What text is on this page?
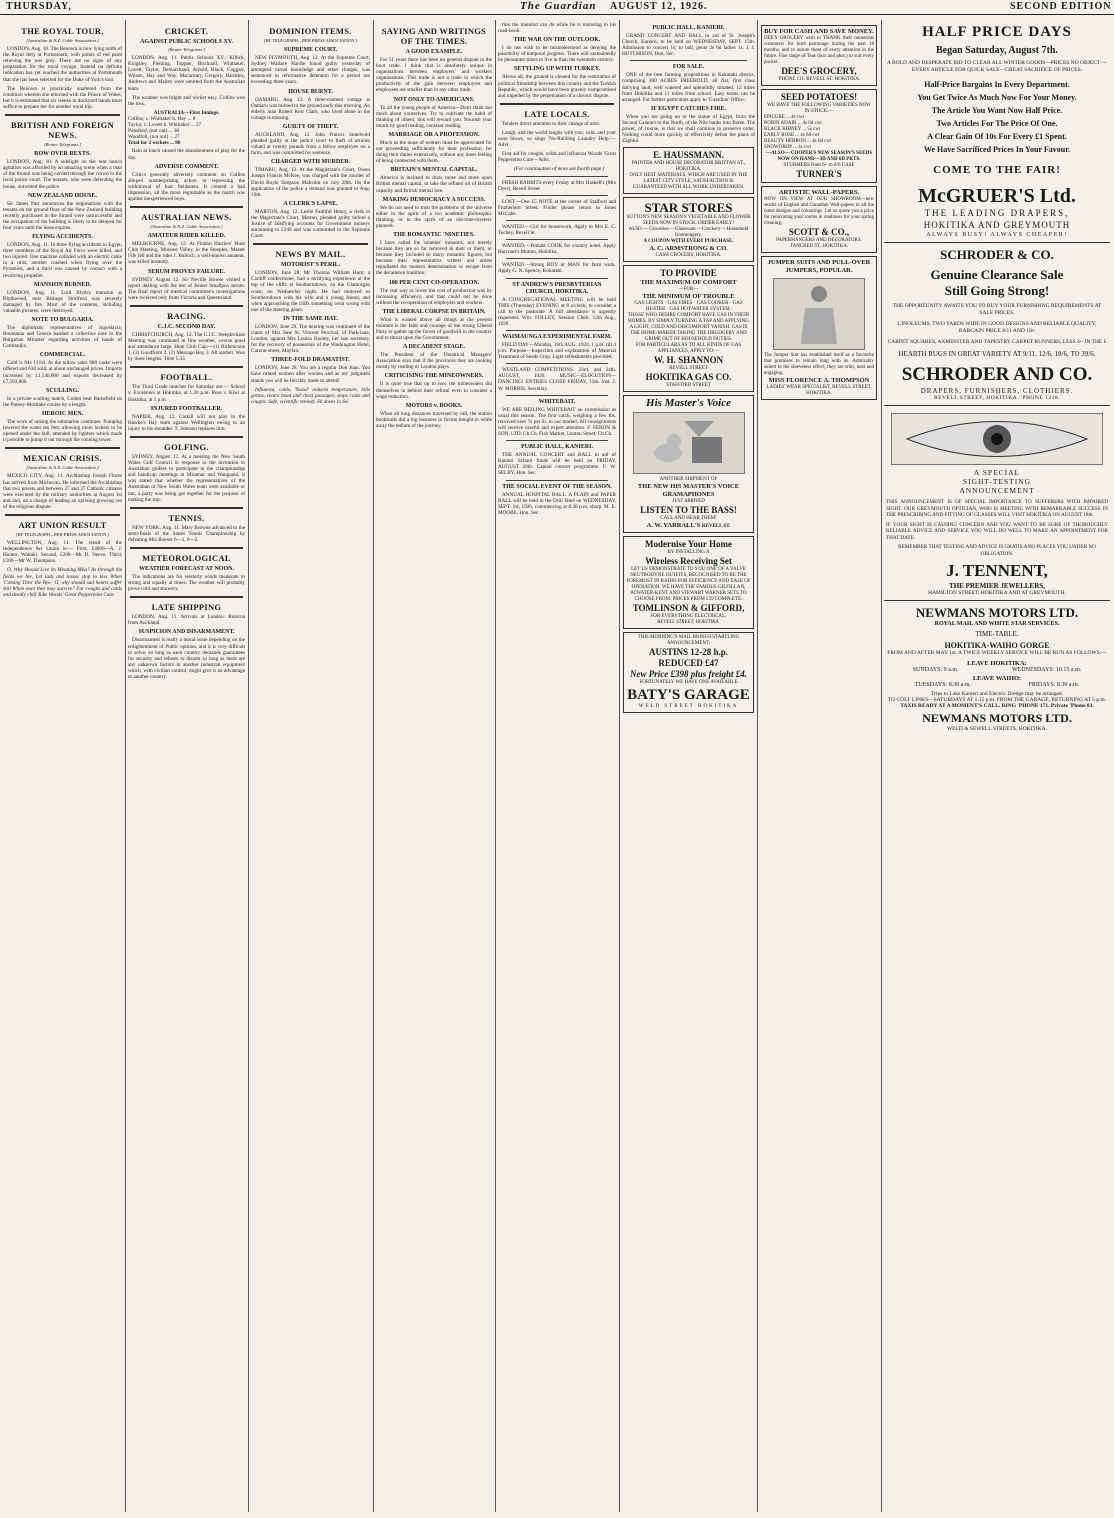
THURSDAY,	The Guardian AUGUST 12, 1926.	SECOND EDITION
THE ROYAL TOUR.
[Australian & N.Z. Cable Association.]

LONDON, Aug. 10. The Renown is now lying north of the Royal Jetty at Portsmouth, with points of red paint relieving the war grey. There are no signs of any preparation for the royal voyage. Instead no definite indication has yet reached the authorities at Portsmouth that she has been selected for the Duke of York's tour.

The Renown is practically unaltered from the condition wherein she returned with the Prince of Wales, but it is estimated that six weeks in dockyard hands must suffice to prepare her for another royal trip.

BRITISH AND FOREIGN NEWS.
[Renter Telegrams.]
ROW OVER REXTS.

LONDON, Aug. 10. A sidelight on the rent bunch agitation was afforded by an amazing scene when a man of the Strand was being carried through the crowd to the local police court. The tenants, who were defending the house, outwitted the police.

NEW ZEALAND HOUSE.

Sir James Parr announces the negotiations with the tenants on the ground floor of the New Zealand building recently purchased in the Strand were unsuccessful and the occupation of the building is likely to be delayed for four years until the lease expires.

FLYING ACCIDENTS.

LONDON, Aug. 11. In three flying accidents in Egypt, three members of the Royal Air Force were killed, and two injured. One machine collided with an electric cable in a mist, another crashed when flying over the Pyramids, and a third was caused by contact with a revolving propeller.

MANSION BURNED.

LONDON, Aug. 11. Lord Blyth's mansion at Blythwood, near Bishops Stortford was severely damaged by fire. Most of the contents, including valuable pictures, were destroyed.

NOTE TO BULGARIA.

The diplomatic representatives of Jugoslavia, Roumania and Greece handed a collective note to the Bulgarian Minister regarding activities of bands of Comitadjis.

COMMERCIAL.

Gold is 84s 11½d. At the tallow sales 980 casks were offered and 630 sold, at about unchanged prices. Imports increased by £1,546,000 and exports decreased by £7,503,000.

SCULLING.

In a private sculling match, Collett beat Barnsfield on the Putney-Mortlake course by a length.

HEROIC MEN.

The work of raising the submarine continues. Pumping lowered the water ten feet, allowing more lockers to be opened under the hull, attended by lighters which made it possible to pump it out through the conning tower.

MEXICAN CRISIS.
[Australian & N.Z. Cable Association.]

MEXICO CITY, Aug. 11. Archbishop Joseph Flores has arrived from Michocan. He informed the Archbishop that two priests and between 27 and 37 Catholic citizens were executed by the military authorities at August 1st and 2nd, on a charge of leading an uprising growing out of the religious dispute.

ART UNION RESULT
[BY TELEGRAPH—PER PRESS ASSOCIATION.]

WELLINGTON, Aug. 11. The result of the Independence Art Union is:— First, £4000—A. J. Hunter, Waitaki. Second, £200—Mr D. Neeve. Third, £100—Mr W. Thompson.

O, Why Should Live Its Meaning Miss? As through the fields we hie, Let lads and lasses stop to kiss When 'Coming Thro' the Rye.' O, why should sad hearts suffer still When once they may survive? For coughs and colds and deadly chill Take Woods' Great Peppermint Cure.

CRICKET.
AGAINST PUBLIC SCHOOLS XV.
[Reuter Telegrams.]

LONDON, Aug. 11. Public Schools XV.: Killick, Kingsley, Fleming, Toppier, Birchnall, Whittaker, Lovett, Taylor, Demarchand, Arnold, Black, Coggart, Wilson, Hay and Way. Macartney, Gregory, Bardsley, Andrews and Mailey were omitted from the Australian team.

The weather was bright and wicket easy. Collins won the toss.

AUSTRALIA—First Innings.
Collins, c. Whittaker b. Hay ... 8
Taylor, c. Lovett b. Whittaker ... 37
Ponsford, (not out) ... 38
Woodfull, (not out) ... 27
Total for 2 wickets ... 80

Rain at lunch caused the abandonment of play for the day.

ADVERSE COMMENT.

Critics generally adversely comment on Collins alleged unenterprising action in repressing the withdrawal of four fieldsmen. It created a bad impression, all the more regrettable as the match was against inexperienced boys.

AUSTRALIAN NEWS.
[Australian & N.Z. Cable Association.]
AMATEUR RIDER KILLED.

MELBOURNE, Aug. 12. At Findon Harriers' Hunt Club Meeting, Moonee Valley, in the Steeples, Master Fife fell and the rider J. Bulloch, a well-known amateur, was killed instantly.

SERUM PROVES FAILURE.

SYDNEY August 12. Sir Neville Howse visited a report dealing with the test of Jenner Smallpox serum. The final report of medical committee's investigations were received only from Victoria and Queensland.

RACING.
C.J.C. SECOND DAY.

CHRISTCHURCH, Aug. 12. The C.J.C. Steeplechase Meeting was continued in fine weather, course good and attendance large. Hunt Club Cup:—(1) Birkencone 1, (3) Goodform 2, (2) Message Boy 3. All started. Won by three lengths. Time 5.33.

FOOTBALL.

The Third Grade matches for Saturday are:— School v. Excelsiors at Hokitika, at 1.30 p.m. Ross v. Kiwi at Hokitika, at 3 p.m.

INJURED FOOTBALLER.

NAPIER, Aug. 12. Carkill will not play in the Hawke's Bay team against Wellington owing to an injury to his shoulder. T. Johnson replaces him.

GOLFING.

SYDNEY, August 12. At a meeting the New South Wales Golf Council in response to the invitation to Australian golfers to participate in the championship and handicap meetings at Miramar and Wanganui, it was stated that whether the representatives of the Australian or New South Wales team were available or not, a party was being got together for the purpose of making the trip.

TENNIS.

NEW YORK, Aug. 11. Mary Browne advanced to the semi-finals of the States Tennis Championship by defeating Mrs Roeser 6—1, 6—2.

METEOROLOGICAL
WEATHER FORECAST AT NOON.

The indications are for westerly winds moderate to strong and squally at times. The weather will probably prove cold and showery.

LATE SHIPPING

LONDON, Aug. 11. Arrivals at London: Rotorua from Auckland.

SUSPICION AND DISARMAMENT.

Disarmament is really a moral issue depending on the enlightenment of Public opinion, and it is very difficult to solve, so long as each country demands guarantees for security and refuses to disarm so long as there are any unknown factors in another industrial equipment which, with civilian control, might give it an advantage to another country.

DOMINION ITEMS.
[BY TELEGRAPH—PER PRESS ASSOCIATION.]
SUPREME COURT.

NEW PLYMOUTH, Aug. 12. At the Supreme Court, Sydney Wallace Hardie found guilty yesterday of attempted carnal knowledge and other charges, was sentenced to reformative detention for a period not exceeding three years.

HOUSE BURNT.

OAMARU, Aug. 12. A three-roomed cottage at Oamaru was burned to the ground early this morning. An elderly man Robert Kerr Clark, who lived alone in the cottage is missing.

GUILTY OF THEFT.

AUCKLAND, Aug. 12. John Francis Smedvold pleaded guilty at the police court to theft of articles valued at twenty pounds from a fellow employee on a farm, and was committed for sentence.

CHARGED WITH MURDER.

TIMARU, Aug. 12. At the Magistrate's Court, Owen Joseph Francis McKee, was charged with the murder of David Boyle Simpson Malcolm on July 28th. On the application of the police a remand was granted to Aug. 19th.

A CLERK'S LAPSE.

MARTON, Aug. 12. Leslie Faithful Henry, a clerk in the Magistrate's Court, Marton, pleaded guilty before a Justice of falsifying accounts for Government moneys amounting to £348 and was committed to the Supreme Court.

NEWS BY MAIL.
MOTORIST'S PERIL.

LONDON, June 28. Mr Thomas William Hunt, a Cardiff confectioner, had a terrifying experience at the top of the cliffs at Southerndown, on the Glamorgan coast, on Wednesday night. He had motored to Southerndown with his wife and a young friend, and when approaching the cliffs something went wrong with one of the steering gears.

IN THE SAME HAT.

LONDON, June 29. The hearing was continued of the claim of Mrs Jane St. Vincent Percival, of Park-lane, London, against Mrs Louisa Hooley, her late secretary, for the recovery of possession of the Washington Hotel, Curzon-street, Mayfair.

THREE-FOLD DRAMATIST.

LONDON, June 28. You are a regular Don Juan. You have ruined women after women and as my judgment stands you will be forcibly made to attend!

Influenza, colds, 'Nazol' reduces temperature, kills germs, clears head and chest passages; stops colds and coughs. Safe, scientific remedy. 60 doses 1s 6d.

SAYING AND WRITINGS OF THE TIMES.
A GOOD EXAMPLE.

For 51 years there has been no general dispute in the boot trade. I think that is absolutely unique in organisations between employers' and workers organisations. This trade is not a trade in which the productivity of the gain between employers and employees are smaller than in any other trade.

NOT ONLY TO AMERICANS.

To all the young people of America—Don't think too much about yourselves. Try to cultivate the habit of thinking of others; this will reward you. Nourish your minds by good reading, constant reading.

MARRIAGE OR A PROFESSION.

Much as the mass of women must be appreciated for not proceeding sufficiently for their profession, for doing their duties extensively, without any inner feeling of being connected with them.

BRITAIN'S MENTAL CAPITAL.

America is inclined to draw more and more upon British mental capital, to take the refined oil of British capacity and British mental lore.

MAKING DEMOCRACY A SUCCESS.

We do not need to trust the problems of the universe either in the spirit of a too academic philosophic thinking, or in the spirit of an old-time-mystery planned.

THE ROMANTIC 'NINETIES.

I have called the 'nineties' romantic, not merely because they are so far removed in their or them, or because they included so many romantic figures, but because their representative writers and artists repudiated the modern determination to escape from the decadence tradition.

100 PER CENT CO-OPERATION.

The real way to lower the cost of production was by increasing efficiency, and that could not be done without the co-operation of employers and workers.

THE LIBERAL CORPSE IN BRITAIN.

What is wanted above all things at the present moment is the faith and courage of the strong Liberal Party to gather up the forces of goodwill in the country and to thrust upon the Government.

A DECADENT STAGE.

The President of the Theatrical Managers' Association says that if the provinces they are looking mostly by reading or London plays.

CRITICISING THE MINEOWNERS.

It is quite true that up to now the mineowners did themselves in behind their refusal even to consider a wage reduction.

MOTORS v. BOOKS.

When all long distances traversed by rail, the station bookstalls did a big business in fiction bought to while away the tedium of the journey.

tion the motorist can do while he is motoring in his road-book.

THE WAR ON THE OUTLOOK.

I do not wish to be misunderstood as denying the possibility of temporal progress. There will undoubtedly be pleasanter times to live in than the twentieth century.

SETTLING UP WITH TURKEY.

Above all, the ground is cleared for the restoration of political friendship between this country and the Turkish Republic, which would have been gravely compromised and impeded by the perpetuation of a chronic dispute.

LATE LOCALS.

Tenders direct attention to their change of advt.

Laugh, and the world laughs with you; cold, and your nose blows, so sings 'No-Rubbing Laundry Help.'—Advt.

First aid for coughs, colds and influenza Woods' Great Peppermint Cure—Advt.

(For continuation of news see fourth page.)

FRESH RABBITS every Friday at Mrs Haskell's (Mrs Dyer), Revell Street.

LOST.—One £5 NOTE at the corner of Stafford and Fitzherbert Street. Finder please return to Jones McCabe.

WANTED.—Girl for housework. Apply to Mrs E. C. Tochey, Revell St.

WANTED.—Female COOK for country hotel. Apply Harcourt's Motors, Hokitika.

WANTED.—Strong BOY or MAN for farm work. Apply G. N. Spence, Kokatahi.

ST ANDREW'S PRESBYTERIAN CHURCH, HOKITIKA.

A CONGREGATIONAL MEETING will be held THIS (Thursday) EVENING at 8 o'clock, to consider a call to the pastorate. A full attendance is urgently requested. Wm. FOLLEY, Session Clerk. 12th Aug., 1926.

WAIMAUNGA EXPERIMENTAL FARM.

FIELD DAY—Monday, 16th AUG. 1926, 1 p.m. till 4 p.m. Purpose—Inspection and explanation of Material Treatment of Seeds Crop. Light refreshments provided.

WESTLAND COMPETITIONS. 23rd. and 24th. AUGUST, 1926. MUSIC—ELOCUTION—DANCING! ENTRIES CLOSE FRIDAY, 13th. inst. J. W. MORRIS, Secretary.

WHITEBAIT.

WE ARE BEILING WHITEBAIT on commission as usual this season. The first catch, weighing a few lbs. received over 7s per lb. in our market. All consignments will receive careful and expert attention. F. FERON & SON, LTD. Ch.Ch. Fish Market, Lenton Street, Ch.Ch.

PUBLIC HALL, KANIERI.

THE ANNUAL CONCERT and BALL in aid of Kanieri School funds will be held on FRIDAY, AUGUST 20th. Capital concert programme. F. W. SELBY, Hon. Sec.

THE SOCIAL EVENT OF THE SEASON.

ANNUAL HOSPITAL BALL. A PLAIN and PAPER BALL will be held in the Drill Shed on WEDNESDAY, SEPT. 1st, 1926, commencing at 8.30 p.m. sharp. M. E. MOORE, Hon. Sec.

PUBLIC HALL, KANIERI.

GRAND CONCERT AND BALL in aid of St. Joseph's Church, Kanieri, to be held on WEDNESDAY, SEPT. 15th. Admission to concert 1s; to ball, gents 2s 6d ladies 1s. J. J. HUTCHISON, Hon. Sec.

FOR SALE.

ONE of the best farming propositions in Kokatahi district, comprising 300 ACRES FREEHOLD, all flat, first class dairying land, well watered and splendidly situated, 12 miles from Hokitika and 11 miles from school. Easy terms can be arranged. For further particulars apply to 'Guardian' Office.

IF EGYPT CATCHES FIRE.

When you are going on to the statue of Egypt, from the Second Cataract to the North, of the Nile banks into Baree. The power, of course, is that we shall continue to preserve order. Nothing could more quickly or effectively defeat the plans of Zaghlul.

E. HAUSSMANN.
PAINTER AND HOUSE DECORATOR BRITTAN ST., HOKITIKA.
ONLY BEST MATERIALS, WHICH ARE USED IN THE LATEST CITY STYLE, SATISFACTION IS GUARANTEED WITH ALL WORK UNDERTAKEN.
STAR STORES
SUTTON'S NEW SEASON'S VEGETABLE AND FLOWER SEEDS NOW IN STOCK. ORDER EARLY!
ALSO.— Groceries —Glassware —Crockery —Household Ironmongery.
A COUPON WITH EVERY PURCHASE.
A. C. ARMSTRONG & CO.
CASH GROCERS, HOKITIKA.
TO PROVIDE
THE MAXIMUM OF COMFORT
—FOR—
THE MINIMUM OF TROUBLE
GAS LIGHTS · GAS FIRES · GAS COOKER · GAS HEATER · GAS HOT-WATER SYSTEM.
THOSE WHO DESIRE COMFORT HAVE GAS IN THEIR HOMES. BY SIMPLY TURNING A TAP AND APPLYING A LIGHT, COLD AND DISCOMFORT VANISH. GAS IS THE HOME-MAKER TAKING THE DRUDGERY AND GRIME OUT OF HOUSEHOLD DUTIES.
FOR PARTICULARS AS TO ALL KINDS OF GAS APPLIANCES, APPLY TO:—
W. H. SHANNON
REVELL STREET
HOKITIKA GAS CO.
STAFFORD STREET
His Master's Voice
ANOTHER SHIPMENT OF
THE NEW HIS MASTER'S VOICE GRAMAPHONES
JUST ARRIVED
LISTEN TO THE BASS!
CALL AND HEAR THEM!
A. W. YARRALL'S REVELL ST.
Modernise Your Home
BY INSTALLING A
Wireless Receiving Set
LET US DEMONSTRATE TO YOU ONE OF A VALVE NEUTRODYNE OUTFITS, RECOGNISED TO BE THE FOREMOST IN RADIO FOR EFFICIENCY AND EASE OF OPERATION. WE HAVE THE FAMOUS GILFILLAN, ATWATER-KENT AND STEWART WARNER SETS TO CHOOSE FROM. PRICES FROM £39 COMPLETE.
TOMLINSON & GIFFORD,
FOR EVERYTHING ELECTRICAL.
REVELL STREET, HOKITIKA.
THIS MORNING'S MAIL BRINGS STARTLING ANNOUNCEMENT:
AUSTINS 12-28 h.p. REDUCED £47
New Price £398 plus freight £4.
FORTUNATELY WE HAVE ONE AVAILABLE
BATY'S GARAGE
WELD STREET HOKITIKA
BUY FOR CASH AND SAVE MONEY.
DEE'S GROCERY wish to THANK their numerous customers for kind patronage during the past 18 months, and to assure them of every attention in the future. Fine range of Teas (box and pkts.) to suit every pocket.
DEE'S GROCERY,
'PHONE 111. REVELL ST. HOKITIKA.
SEED POTATOES!
WE HAVE THE FOLLOWING VARIETIES NOW IN STOCK:—
EPICURE ... 4s cwt
ROBIN ADAIR ... 4s 6d cwt
BLACK KIDNEY ... 5s cwt
EARLY ROSE ... 4s 6d cwt
BEAUTY HEBRON ... 4s 6d cwt
SNOWDROP ... 4s cwt
—ALSO— COOPER'S NEW SEASON'S SEEDS NOW ON HAND—3D AND 6D PKTS.
STURMERS from 6/- to 8/6 CASE
TURNER'S
ARTISTIC WALL-PAPERS.
NOW ON VIEW AT OUR SHOWROOM—new stocks of English and Canadian Wall-papers in all the latest designs and colourings. Let us quote you a price for renovating your rooms in readiness for your spring cleaning.
SCOTT & CO.,
PAPERHANGERS AND DECORATORS. TANCRED ST. HOKITIKA.
JUMPER SUITS AND PULL-OVER JUMPERS, POPULAR.
The Jumper Suit has established itself as a favourite that promises to remain long with us. Admirably suited to the sleeveless effect, they are trim, neat and engaging.
MISS FLORENCE A. THOMPSON
LADIES' WEAR SPECIALIST, REVELL STREET, HOKITIKA.
HALF PRICE DAYS
Began Saturday, August 7th.
A BOLD AND DESPERATE BID TO CLEAR ALL WINTER GOODS—PRICES NO OBJECT — EVERY ARTICLE FOR QUICK SALE—GREAT SACRIFICE OF PRICES.
Half-Price Bargains In Every Department.
You Get Twice As Much Now For Your Money.
The Article You Want Now Half Price.
Two Articles For The Price Of One.
A Clear Gain Of 10s For Every £1 Spent.
We Have Sacrificed Prices In Your Favour.
COME TO THE FAIR!
McGRUER'S Ltd.
THE LEADING DRAPERS,
HOKITIKA AND GREYMOUTH
ALWAYS BUSY! ALWAYS CHEAPER!
SCHRODER & CO.
Genuine Clearance Sale
Still Going Strong!
THE OPPORTUNITY AWAITS YOU TO BUY YOUR FURNISHING REQUIREMENTS AT SALE PRICES.
LINOLEUMS, TWO YARDS WIDE IN GOOD DESIGNS AND RELIABLE QUALITY, BARGAIN PRICE 8/11 AND 10/-
CARPET SQUARES, AXMINSTER AND TAPESTRY CARPET RUNNERS, LESS 4/- IN THE £
HEARTH RUGS IN GREAT VARIETY AT 9/11, 12/6, 18/6, TO 39/6.
SCHRODER AND CO.
DRAPERS, FURNISHERS, CLOTHIERS.
REVELL STREET, HOKITIKA. 'PHONE 1218.
A SPECIAL
SIGHT-TESTING
ANNOUNCEMENT
THIS ANNOUNCEMENT IS OF SPECIAL IMPORTANCE TO SUFFERERS WITH IMPAIRED SIGHT. OUR GREYMOUTH OPTICIAN, WHO IS MEETING WITH REMARKABLE SUCCESS IN THE PRESCRIBING AND FITTING OF GLASSES WILL VISIT HOKITIKA ON AUGUST 18th.
IF YOUR SIGHT IS CAUSING CONCERN AND YOU WANT TO BE SURE OF THOROUGHLY RELIABLE ADVICE AND SERVICE YOU WILL DO WELL TO MAKE AN APPOINTMENT FOR THAT DATE.
REMEMBER THAT TESTING AND ADVICE IS GRATIS AND PLACES YOU UNDER NO OBLIGATION.
J. TENNENT,
THE PREMIER JEWELLERS,
HAMILTON STREET, HOKITIKA AND AT GREYMOUTH.
NEWMANS MOTORS LTD.
ROYAL MAIL AND WHITE STAR SERVICES.
TIME-TABLE.
HOKITIKA-WAIHO GORGE
FROM AND AFTER MAY 1st. A TWICE WEEKLY SERVICE WILL BE RUN AS FOLLOWS:—
LEAVE HOKITIKA:
SUNDAYS: 9 a.m.	WEDNESDAYS: 10.15 a.m.
LEAVE WAIHO:
TUESDAYS: 8.30 a.m.	FRIDAYS: 8.30 a.m.
Trips to Lake Kanieri and Electric Dredge may be arranged.
TO COLF LINKS—SATURDAYS AT 1.15 p.m. FROM THE GARAGE, RETURNING AT 5 p.m.
TAXIS READY AT A MOMENT'S CALL. RING 'PHONE 171. Private 'Phone 83.
NEWMANS MOTORS LTD.
WELD & SEWELL STREETS, HOKITIKA.
